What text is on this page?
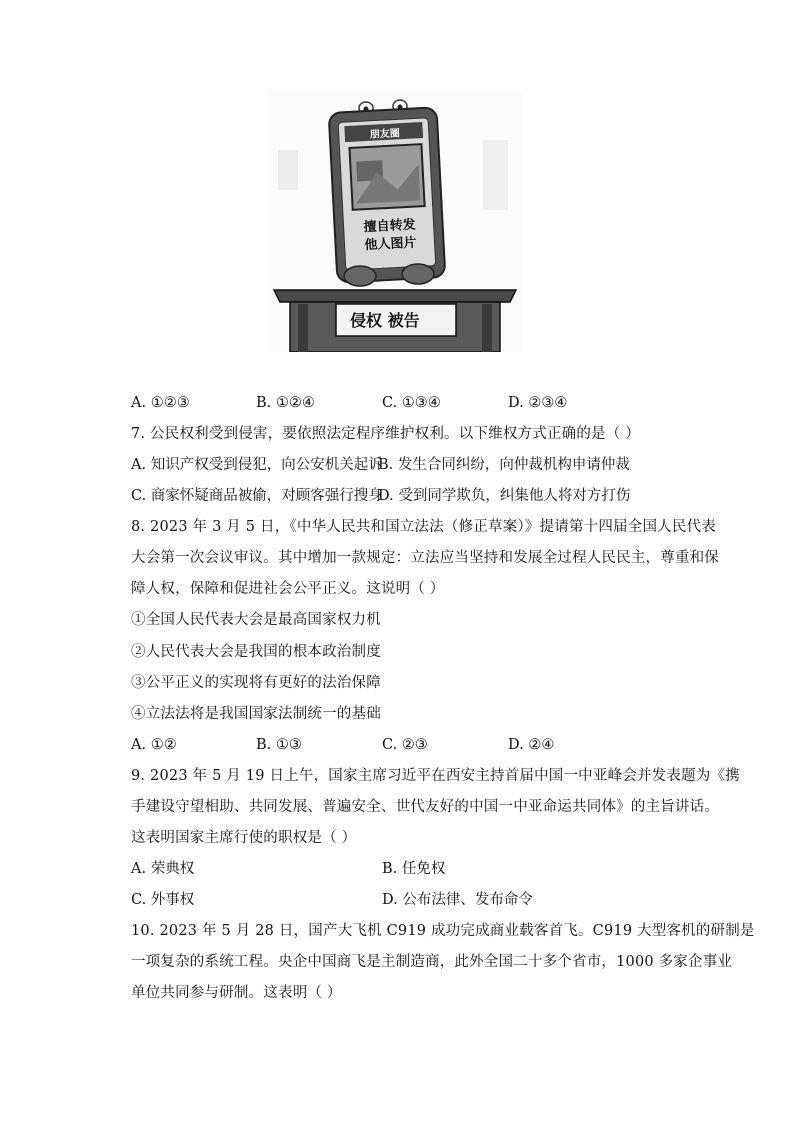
朋友圈
擅自转发
他人图片
侵权 被告
A. ①②③	B. ①②④	C. ①③④	D. ②③④
7. 公民权利受到侵害，要依照法定程序维护权利。以下维权方式正确的是（ ）
A. 知识产权受到侵犯，向公安机关起诉
B. 发生合同纠纷，向仲裁机构申请仲裁
C. 商家怀疑商品被偷，对顾客强行搜身
D. 受到同学欺负，纠集他人将对方打伤
8. 2023 年 3 月 5 日，《中华人民共和国立法法（修正草案）》提请第十四届全国人民代表
大会第一次会议审议。其中增加一款规定：立法应当坚持和发展全过程人民民主，尊重和保
障人权，保障和促进社会公平正义。这说明（ ）
①全国人民代表大会是最高国家权力机
②人民代表大会是我国的根本政治制度
③公平正义的实现将有更好的法治保障
④立法法将是我国国家法制统一的基础
A. ①②	B. ①③	C. ②③	D. ②④
9. 2023 年 5 月 19 日上午，国家主席习近平在西安主持首届中国一中亚峰会并发表题为《携
手建设守望相助、共同发展、普遍安全、世代友好的中国一中亚命运共同体》的主旨讲话。
这表明国家主席行使的职权是（ ）
A. 荣典权	B. 任免权
C. 外事权	D. 公布法律、发布命令
10. 2023 年 5 月 28 日，国产大飞机 C919 成功完成商业载客首飞。C919 大型客机的研制是
一项复杂的系统工程。央企中国商飞是主制造商，此外全国二十多个省市，1000 多家企事业
单位共同参与研制。这表明（ ）
